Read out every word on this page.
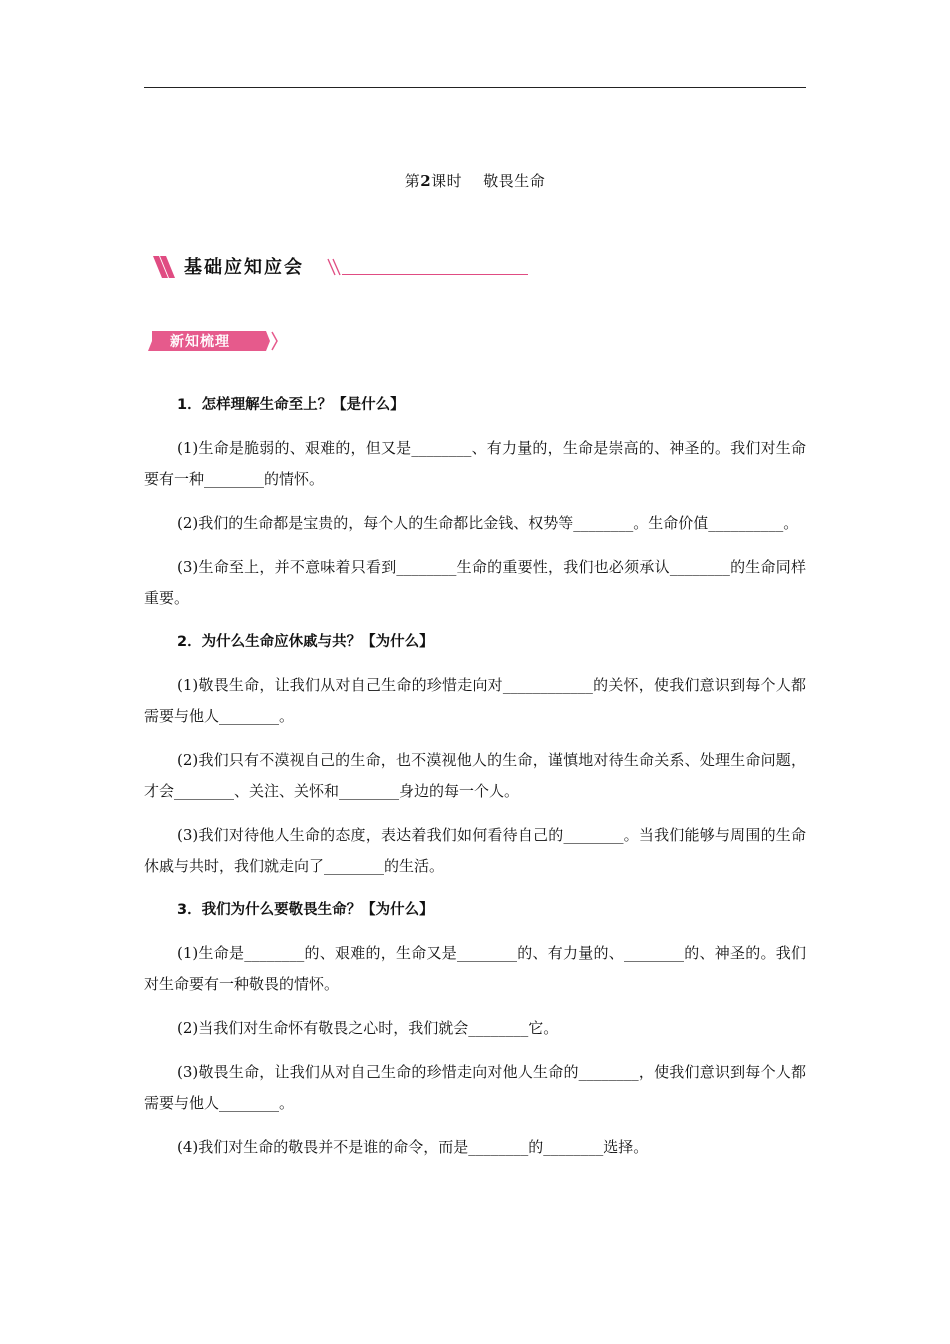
第2课时 敬畏生命
基础应知应会
新知梳理

1．怎样理解生命至上？【是什么】

(1)生命是脆弱的、艰难的，但又是________、有力量的，生命是崇高的、神圣的。我们对生命要有一种________的情怀。

(2)我们的生命都是宝贵的，每个人的生命都比金钱、权势等________。生命价值__________。

(3)生命至上，并不意味着只看到________生命的重要性，我们也必须承认________的生命同样重要。

2．为什么生命应休戚与共？【为什么】

(1)敬畏生命，让我们从对自己生命的珍惜走向对____________的关怀，使我们意识到每个人都需要与他人________。

(2)我们只有不漠视自己的生命，也不漠视他人的生命，谨慎地对待生命关系、处理生命问题，才会________、关注、关怀和________身边的每一个人。

(3)我们对待他人生命的态度，表达着我们如何看待自己的________。当我们能够与周围的生命休戚与共时，我们就走向了________的生活。

3．我们为什么要敬畏生命？【为什么】

(1)生命是________的、艰难的，生命又是________的、有力量的、________的、神圣的。我们对生命要有一种敬畏的情怀。

(2)当我们对生命怀有敬畏之心时，我们就会________它。

(3)敬畏生命，让我们从对自己生命的珍惜走向对他人生命的________，使我们意识到每个人都需要与他人________。

(4)我们对生命的敬畏并不是谁的命令，而是________的________选择。
